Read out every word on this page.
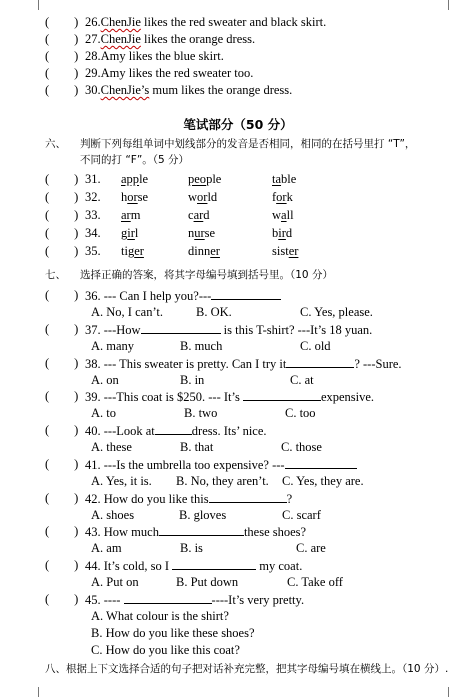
26.ChenJie likes the red sweater and black skirt.
27.ChenJie likes the orange dress.
28.Amy likes the blue skirt.
29.Amy likes the red sweater too.
30.ChenJie’s mum likes the orange dress.
笔试部分（50 分）
六、 判断下列每组单词中划线部分的发音是否相同，相同的在括号里打 “T”，
不同的打 “F”。（5 分）
31. apple	people	table
32. horse	world	fork
33. arm	card	wall
34. girl	nurse	bird
35. tiger	dinner	sister
七、 选择正确的答案，将其字母编号填到括号里。（10 分）
36. --- Can I help you?---
A. No, I can’t.	B. OK.	C. Yes, please.
37. ---How	is this T-shirt? ---It’s 18 yuan.
A. many	B. much	C. old
38. --- This sweater is pretty. Can I try it	? ---Sure.
A. on	B. in	C. at
39. ---This coat is $250. --- It’s	expensive.
A. to	B. two	C. too
40. ---Look at	dress. Its’ nice.
A. these	B. that	C. those
41. ---Is the umbrella too expensive? ---
A. Yes, it is. B. No, they aren’t. C. Yes, they are.
42. How do you like this	?
A. shoes	B. gloves	C. scarf
43. How much	these shoes?
A. am	B. is	C. are
44. It’s cold, so I	my coat.
A. Put on	B. Put down	C. Take off
45. ----	----It’s very pretty.
A. What colour is the shirt?
B. How do you like these shoes?
C. How do you like this coat?
八、根据上下文选择合适的句子把对话补充完整，把其字母编号填在横线上。（10 分）.
(        )
(        )
(        )
(        )
(        )
(        )
(        )
(        )
(        )
(        )
(        )
(        )
(        )
(        )
(        )
(        )
(        )
(        )
(        )
(        )
